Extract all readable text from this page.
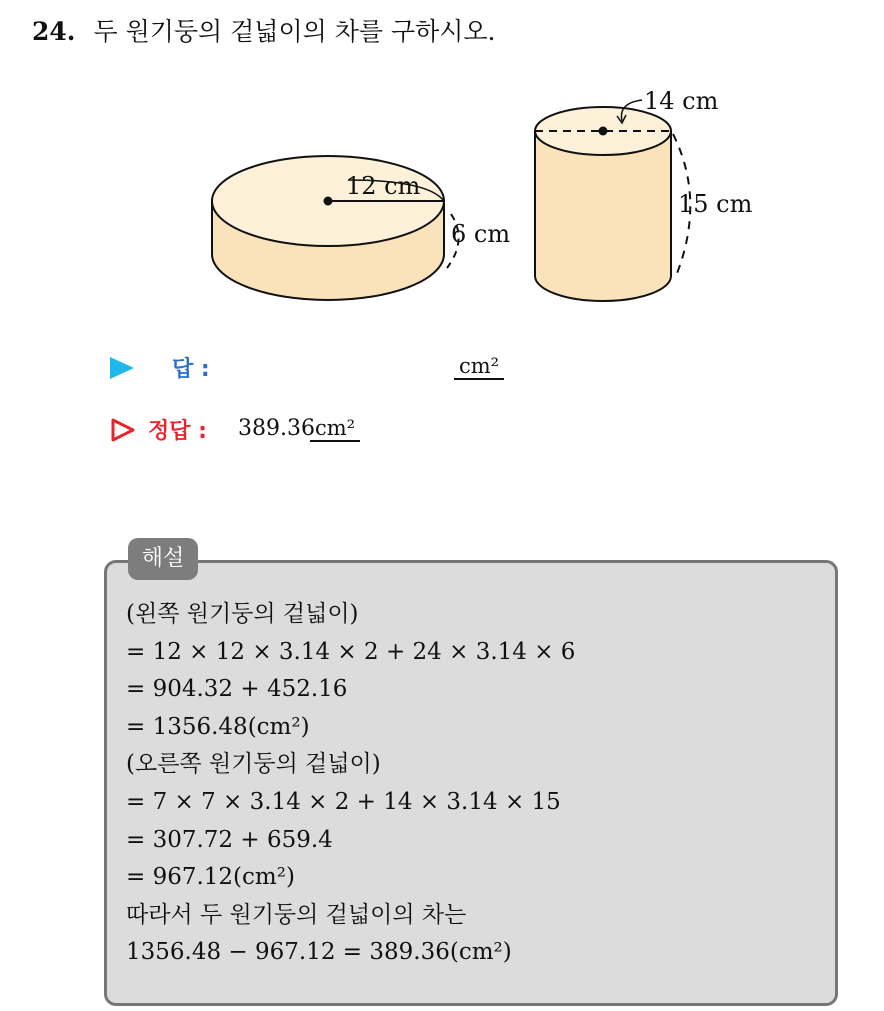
24. 두 원기둥의 겉넓이의 차를 구하시오.
12 cm
6 cm
14 cm
15 cm
답 :	cm²
정답 : 389.36 cm²
해설
(왼쪽 원기둥의 겉넓이)
= 12 × 12 × 3.14 × 2 + 24 × 3.14 × 6
= 904.32 + 452.16
= 1356.48(cm²)
(오른쪽 원기둥의 겉넓이)
= 7 × 7 × 3.14 × 2 + 14 × 3.14 × 15
= 307.72 + 659.4
= 967.12(cm²)
따라서 두 원기둥의 겉넓이의 차는
1356.48 − 967.12 = 389.36(cm²)
